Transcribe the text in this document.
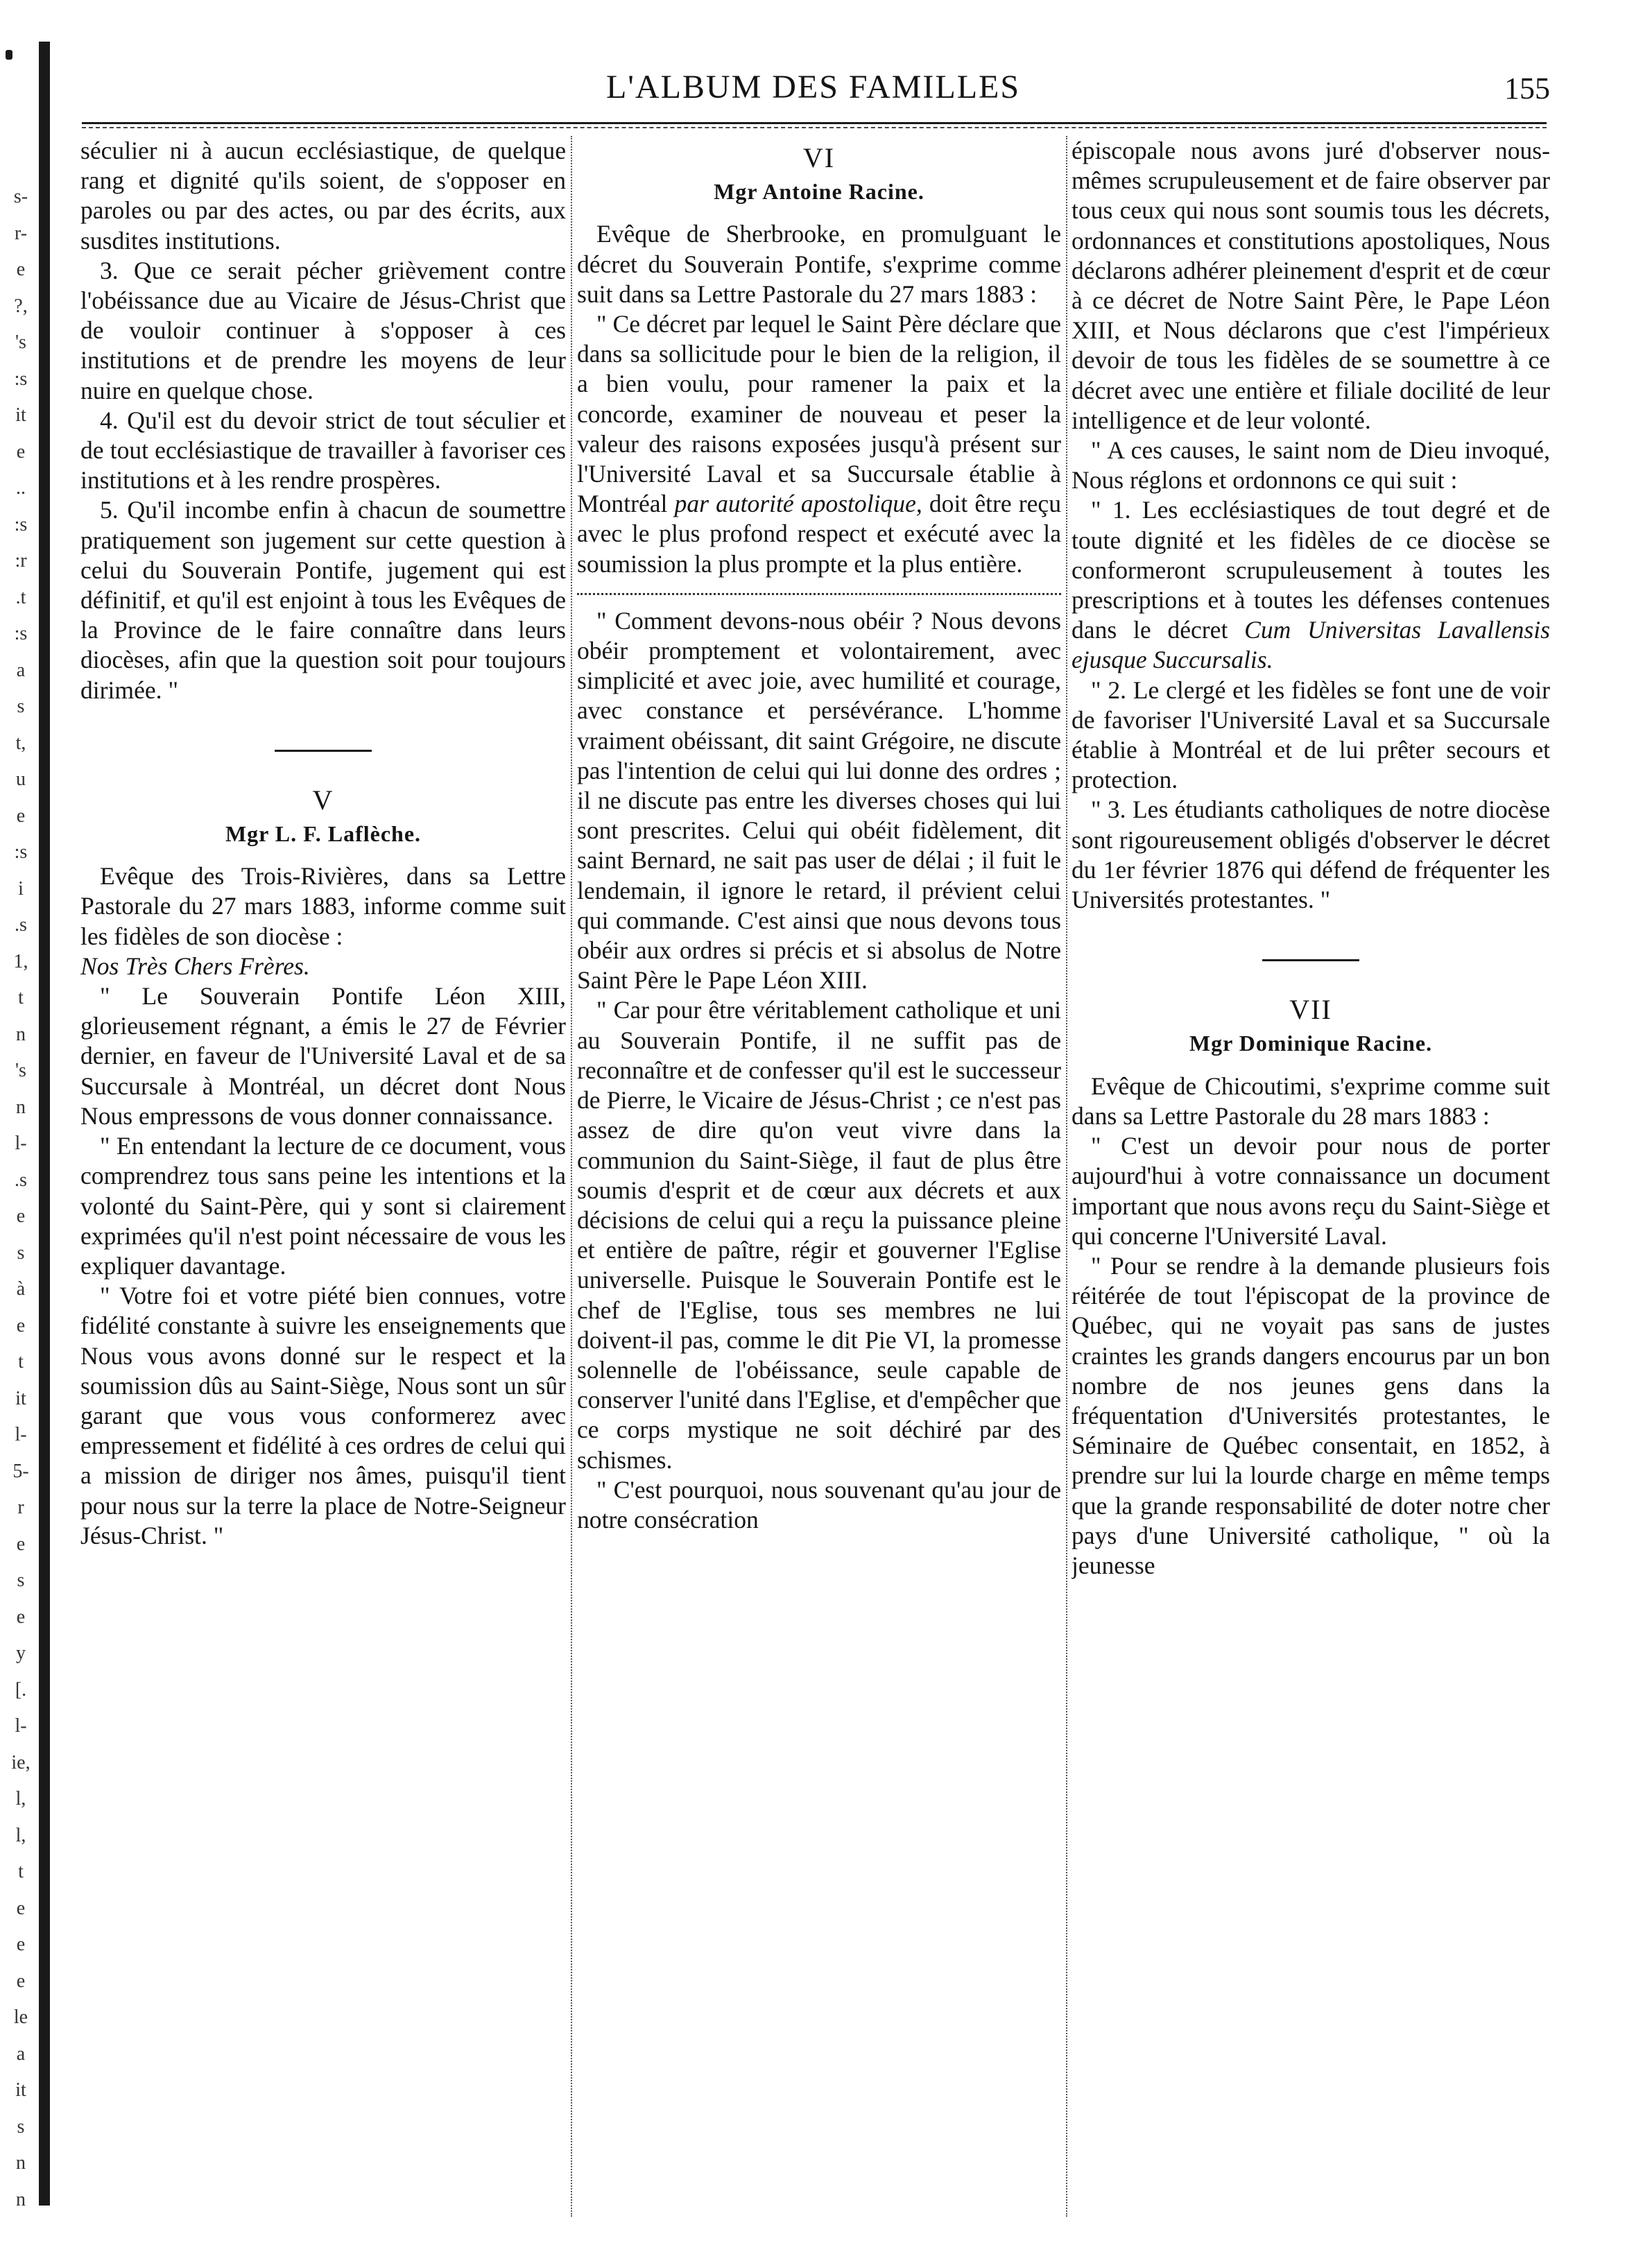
s-
r-
e
?,
's
:s
it
e
..
:s
:r
.t
:s
a
s
t,
u
e
:s
i
.s
1,
t
n
's
n
l-
.s
e
s
à
e
t
it
l-
5-
r
e
s
e
y
[.
l-
ie,
l,
l,
t
e
e
e
le
a
it
s
n
n
L'ALBUM DES FAMILLES	155

séculier ni à aucun ecclésiastique, de quelque rang et dignité qu'ils soient, de s'opposer en paroles ou par des actes, ou par des écrits, aux susdites institutions.

3. Que ce serait pécher grièvement contre l'obéissance due au Vicaire de Jésus-Christ que de vouloir continuer à s'opposer à ces institutions et de prendre les moyens de leur nuire en quelque chose.

4. Qu'il est du devoir strict de tout séculier et de tout ecclésiastique de travailler à favoriser ces institutions et à les rendre prospères.

5. Qu'il incombe enfin à chacun de soumettre pratiquement son jugement sur cette question à celui du Souverain Pontife, jugement qui est définitif, et qu'il est enjoint à tous les Evêques de la Province de le faire connaître dans leurs diocèses, afin que la question soit pour toujours dirimée. "

V
Mgr L. F. Laflèche.

Evêque des Trois-Rivières, dans sa Lettre Pastorale du 27 mars 1883, informe comme suit les fidèles de son diocèse :

Nos Très Chers Frères.

" Le Souverain Pontife Léon XIII, glorieusement régnant, a émis le 27 de Février dernier, en faveur de l'Université Laval et de sa Succursale à Montréal, un décret dont Nous Nous empressons de vous donner connaissance.

" En entendant la lecture de ce document, vous comprendrez tous sans peine les intentions et la volonté du Saint-Père, qui y sont si clairement exprimées qu'il n'est point nécessaire de vous les expliquer davantage.

" Votre foi et votre piété bien connues, votre fidélité constante à suivre les enseignements que Nous vous avons donné sur le respect et la soumission dûs au Saint-Siège, Nous sont un sûr garant que vous vous conformerez avec empressement et fidélité à ces ordres de celui qui a mission de diriger nos âmes, puisqu'il tient pour nous sur la terre la place de Notre-Seigneur Jésus-Christ. "

VI
Mgr Antoine Racine.

Evêque de Sherbrooke, en promulguant le décret du Souverain Pontife, s'exprime comme suit dans sa Lettre Pastorale du 27 mars 1883 :

" Ce décret par lequel le Saint Père déclare que dans sa sollicitude pour le bien de la religion, il a bien voulu, pour ramener la paix et la concorde, examiner de nouveau et peser la valeur des raisons exposées jusqu'à présent sur l'Université Laval et sa Succursale établie à Montréal par autorité apostolique, doit être reçu avec le plus profond respect et exécuté avec la soumission la plus prompte et la plus entière.

" Comment devons-nous obéir ? Nous devons obéir promptement et volontairement, avec simplicité et avec joie, avec humilité et courage, avec constance et persévérance. L'homme vraiment obéissant, dit saint Grégoire, ne discute pas l'intention de celui qui lui donne des ordres ; il ne discute pas entre les diverses choses qui lui sont prescrites. Celui qui obéit fidèlement, dit saint Bernard, ne sait pas user de délai ; il fuit le lendemain, il ignore le retard, il prévient celui qui commande. C'est ainsi que nous devons tous obéir aux ordres si précis et si absolus de Notre Saint Père le Pape Léon XIII.

" Car pour être véritablement catholique et uni au Souverain Pontife, il ne suffit pas de reconnaître et de confesser qu'il est le successeur de Pierre, le Vicaire de Jésus-Christ ; ce n'est pas assez de dire qu'on veut vivre dans la communion du Saint-Siège, il faut de plus être soumis d'esprit et de cœur aux décrets et aux décisions de celui qui a reçu la puissance pleine et entière de paître, régir et gouverner l'Eglise universelle. Puisque le Souverain Pontife est le chef de l'Eglise, tous ses membres ne lui doivent-il pas, comme le dit Pie VI, la promesse solennelle de l'obéissance, seule capable de conserver l'unité dans l'Eglise, et d'empêcher que ce corps mystique ne soit déchiré par des schismes.

" C'est pourquoi, nous souvenant qu'au jour de notre consécration

épiscopale nous avons juré d'observer nous-mêmes scrupuleusement et de faire observer par tous ceux qui nous sont soumis tous les décrets, ordonnances et constitutions apostoliques, Nous déclarons adhérer pleinement d'esprit et de cœur à ce décret de Notre Saint Père, le Pape Léon XIII, et Nous déclarons que c'est l'impérieux devoir de tous les fidèles de se soumettre à ce décret avec une entière et filiale docilité de leur intelligence et de leur volonté.

" A ces causes, le saint nom de Dieu invoqué, Nous réglons et ordonnons ce qui suit :

" 1. Les ecclésiastiques de tout degré et de toute dignité et les fidèles de ce diocèse se conformeront scrupuleusement à toutes les prescriptions et à toutes les défenses contenues dans le décret Cum Universitas Lavallensis ejusque Succursalis.

" 2. Le clergé et les fidèles se font une de voir de favoriser l'Université Laval et sa Succursale établie à Montréal et de lui prêter secours et protection.

" 3. Les étudiants catholiques de notre diocèse sont rigoureusement obligés d'observer le décret du 1er février 1876 qui défend de fréquenter les Universités protestantes. "

VII
Mgr Dominique Racine.

Evêque de Chicoutimi, s'exprime comme suit dans sa Lettre Pastorale du 28 mars 1883 :

" C'est un devoir pour nous de porter aujourd'hui à votre connaissance un document important que nous avons reçu du Saint-Siège et qui concerne l'Université Laval.

" Pour se rendre à la demande plusieurs fois réitérée de tout l'épiscopat de la province de Québec, qui ne voyait pas sans de justes craintes les grands dangers encourus par un bon nombre de nos jeunes gens dans la fréquentation d'Universités protestantes, le Séminaire de Québec consentait, en 1852, à prendre sur lui la lourde charge en même temps que la grande responsabilité de doter notre cher pays d'une Université catholique, " où la jeunesse
